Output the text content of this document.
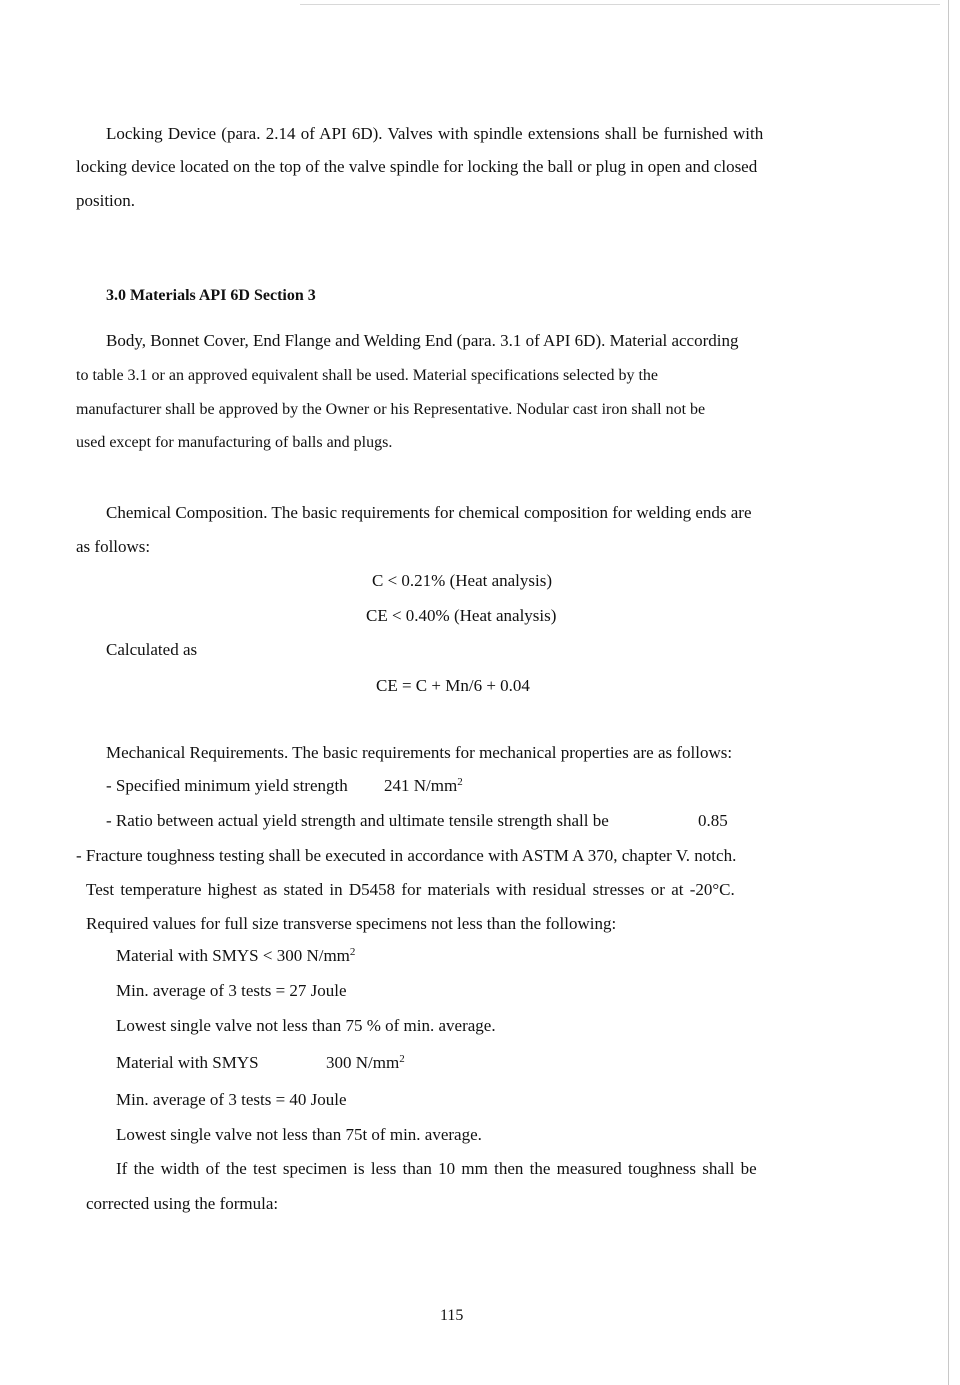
Locking Device (para. 2.14 of API 6D). Valves with spindle extensions shall be furnished with
locking device located on the top of the valve spindle for locking the ball or plug in open and closed
position.
3.0 Materials API 6D Section 3
Body, Bonnet Cover, End Flange and Welding End (para. 3.1 of API 6D). Material according
to table 3.1 or an approved equivalent shall be used. Material specifications selected by the
manufacturer shall be approved by the Owner or his Representative. Nodular cast iron shall not be
used except for manufacturing of balls and plugs.
Chemical Composition. The basic requirements for chemical composition for welding ends are
as follows:
C < 0.21% (Heat analysis)
CE < 0.40% (Heat analysis)
Calculated as
CE = C + Mn/6 + 0.04
Mechanical Requirements. The basic requirements for mechanical properties are as follows:
- Specified minimum yield strength 241 $N/mm^2$
- Ratio between actual yield strength and ultimate tensile strength shall be	0.85
- Fracture toughness testing shall be executed in accordance with ASTM A 370, chapter V. notch.
Test temperature highest as stated in D5458 for materials with residual stresses or at -20°C.
Required values for full size transverse specimens not less than the following:
Material with SMYS < 300 $N/mm^2$
Min. average of 3 tests = 27 Joule
Lowest single valve not less than 75 % of min. average.
Material with SMYS	300 $N/mm^2$
Min. average of 3 tests = 40 Joule
Lowest single valve not less than 75t of min. average.
If the width of the test specimen is less than 10 mm then the measured toughness shall be
corrected using the formula:
115
